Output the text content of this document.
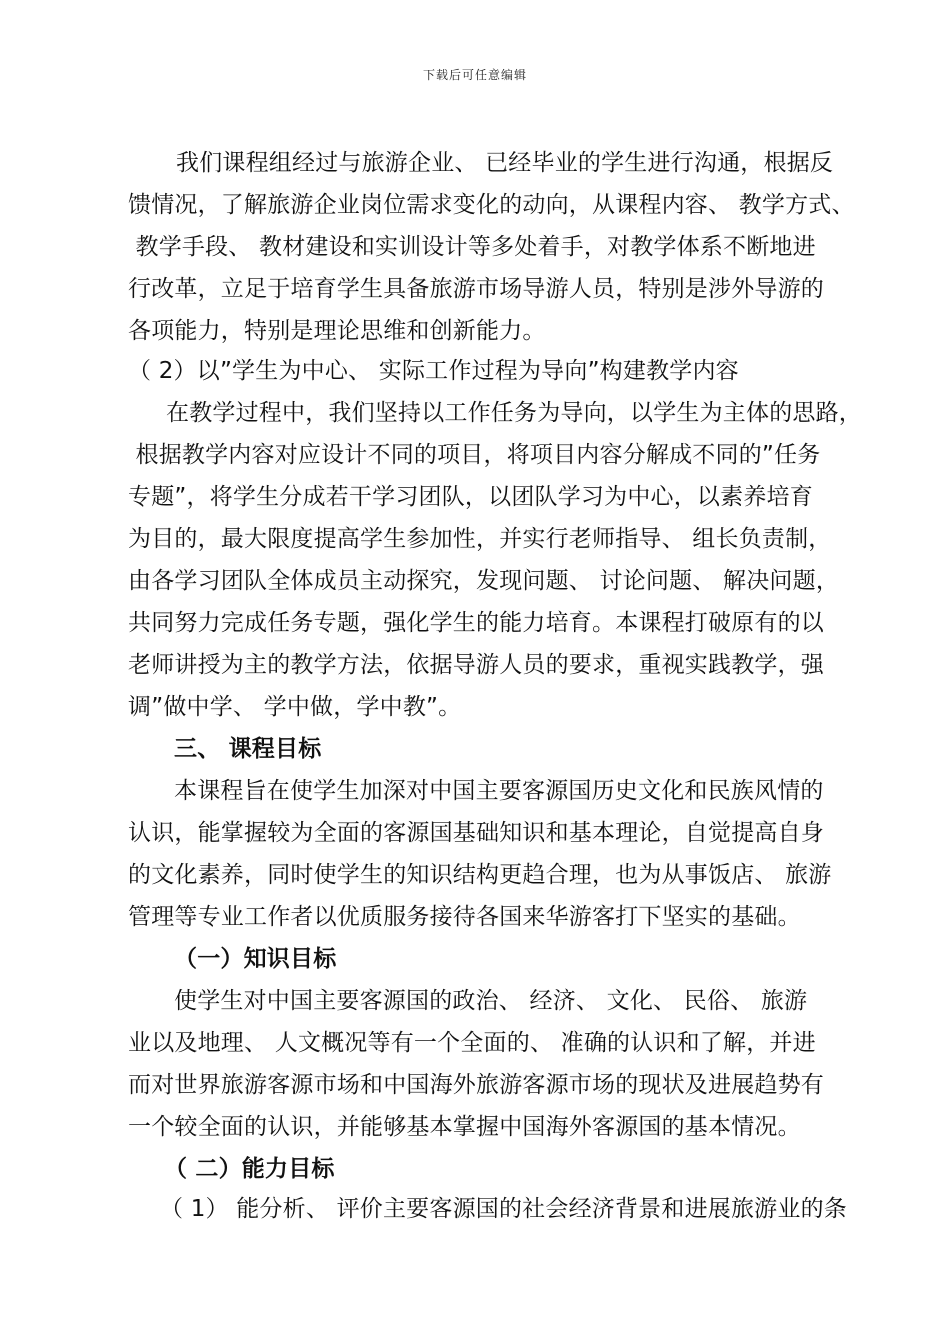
下载后可任意编辑
我们课程组经过与旅游企业、 已经毕业的学生进行沟通，根据反
馈情况，了解旅游企业岗位需求变化的动向，从课程内容、 教学方式、
教学手段、 教材建设和实训设计等多处着手，对教学体系不断地进
行改革，立足于培育学生具备旅游市场导游人员，特别是涉外导游的
各项能力，特别是理论思维和创新能力。
（ 2）以”学生为中心、 实际工作过程为导向”构建教学内容
在教学过程中，我们坚持以工作任务为导向，以学生为主体的思路，
根据教学内容对应设计不同的项目，将项目内容分解成不同的”任务
专题”，将学生分成若干学习团队，以团队学习为中心，以素养培育
为目的，最大限度提高学生参加性，并实行老师指导、 组长负责制，
由各学习团队全体成员主动探究，发现问题、 讨论问题、 解决问题，
共同努力完成任务专题，强化学生的能力培育。本课程打破原有的以
老师讲授为主的教学方法，依据导游人员的要求，重视实践教学，强
调”做中学、 学中做，学中教”。
三、 课程目标
本课程旨在使学生加深对中国主要客源国历史文化和民族风情的
认识，能掌握较为全面的客源国基础知识和基本理论，自觉提高自身
的文化素养，同时使学生的知识结构更趋合理，也为从事饭店、 旅游
管理等专业工作者以优质服务接待各国来华游客打下坚实的基础。
（一）知识目标
使学生对中国主要客源国的政治、 经济、 文化、 民俗、 旅游
业以及地理、 人文概况等有一个全面的、 准确的认识和了解，并进
而对世界旅游客源市场和中国海外旅游客源市场的现状及进展趋势有
一个较全面的认识，并能够基本掌握中国海外客源国的基本情况。
（ 二）能力目标
（ 1） 能分析、 评价主要客源国的社会经济背景和进展旅游业的条
